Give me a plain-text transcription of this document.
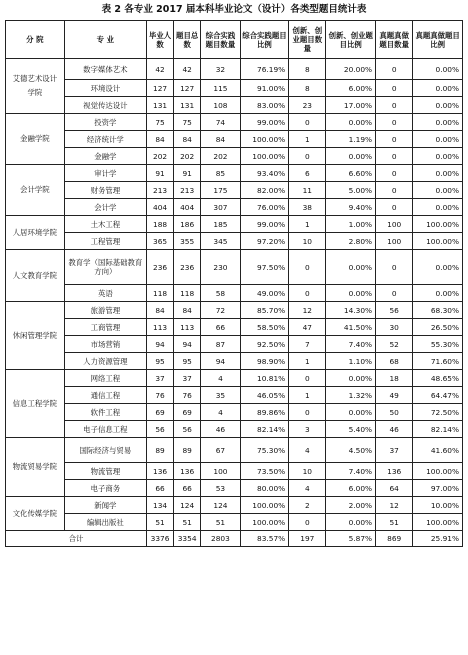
表 2 各专业 2017 届本科毕业论文（设计）各类型题目统计表
分 院	专 业	毕业人数	题目总数	综合实践题目数量	综合实践题目比例	创新、创业题目数量	创新、创业题目比例	真题真做题目数量	真题真做题目比例
艾德艺术设计学院	数字媒体艺术	42	42	32	76.19%	8	20.00%	0	0.00%
	环境设计	127	127	115	91.00%	8	6.00%	0	0.00%
	视觉传达设计	131	131	108	83.00%	23	17.00%	0	0.00%
金融学院	投资学	75	75	74	99.00%	0	0.00%	0	0.00%
	经济统计学	84	84	84	100.00%	1	1.19%	0	0.00%
	金融学	202	202	202	100.00%	0	0.00%	0	0.00%
会计学院	审计学	91	91	85	93.40%	6	6.60%	0	0.00%
	财务管理	213	213	175	82.00%	11	5.00%	0	0.00%
	会计学	404	404	307	76.00%	38	9.40%	0	0.00%
人居环境学院	土木工程	188	186	185	99.00%	1	1.00%	100	100.00%
	工程管理	365	355	345	97.20%	10	2.80%	100	100.00%
人文教育学院	教育学（国际基础教育方向）	236	236	230	97.50%	0	0.00%	0	0.00%
	英语	118	118	58	49.00%	0	0.00%	0	0.00%
休闲管理学院	旅游管理	84	84	72	85.70%	12	14.30%	56	68.30%
	工商管理	113	113	66	58.50%	47	41.50%	30	26.50%
	市场营销	94	94	87	92.50%	7	7.40%	52	55.30%
	人力资源管理	95	95	94	98.90%	1	1.10%	68	71.60%
信息工程学院	网络工程	37	37	4	10.81%	0	0.00%	18	48.65%
	通信工程	76	76	35	46.05%	1	1.32%	49	64.47%
	软件工程	69	69	4	89.86%	0	0.00%	50	72.50%
	电子信息工程	56	56	46	82.14%	3	5.40%	46	82.14%
物流贸易学院	国际经济与贸易	89	89	67	75.30%	4	4.50%	37	41.60%
	物流管理	136	136	100	73.50%	10	7.40%	136	100.00%
	电子商务	66	66	53	80.00%	4	6.00%	64	97.00%
文化传媒学院	新闻学	134	124	124	100.00%	2	2.00%	12	10.00%
	编辑出版社	51	51	51	100.00%	0	0.00%	51	100.00%
合计		3376	3354	2803	83.57%	197	5.87%	869	25.91%
